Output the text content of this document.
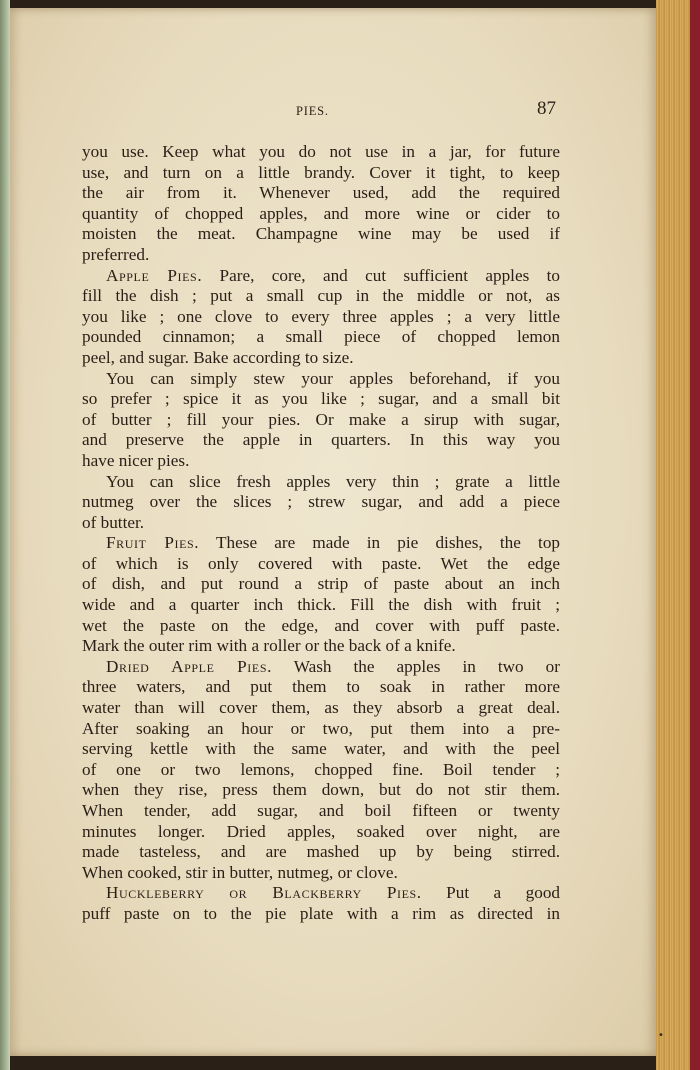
PIES.	87
you use. Keep what you do not use in a jar, for future
use, and turn on a little brandy. Cover it tight, to keep
the air from it. Whenever used, add the required
quantity of chopped apples, and more wine or cider to
moisten the meat. Champagne wine may be used if
preferred.
Apple Pies. Pare, core, and cut sufficient apples to
fill the dish ; put a small cup in the middle or not, as
you like ; one clove to every three apples ; a very little
pounded cinnamon; a small piece of chopped lemon
peel, and sugar. Bake according to size.
You can simply stew your apples beforehand, if you
so prefer ; spice it as you like ; sugar, and a small bit
of butter ; fill your pies. Or make a sirup with sugar,
and preserve the apple in quarters. In this way you
have nicer pies.
You can slice fresh apples very thin ; grate a little
nutmeg over the slices ; strew sugar, and add a piece
of butter.
Fruit Pies. These are made in pie dishes, the top
of which is only covered with paste. Wet the edge
of dish, and put round a strip of paste about an inch
wide and a quarter inch thick. Fill the dish with fruit ;
wet the paste on the edge, and cover with puff paste.
Mark the outer rim with a roller or the back of a knife.
Dried Apple Pies. Wash the apples in two or
three waters, and put them to soak in rather more
water than will cover them, as they absorb a great deal.
After soaking an hour or two, put them into a pre-
serving kettle with the same water, and with the peel
of one or two lemons, chopped fine. Boil tender ;
when they rise, press them down, but do not stir them.
When tender, add sugar, and boil fifteen or twenty
minutes longer. Dried apples, soaked over night, are
made tasteless, and are mashed up by being stirred.
When cooked, stir in butter, nutmeg, or clove.
Huckleberry or Blackberry Pies. Put a good
puff paste on to the pie plate with a rim as directed in
•
